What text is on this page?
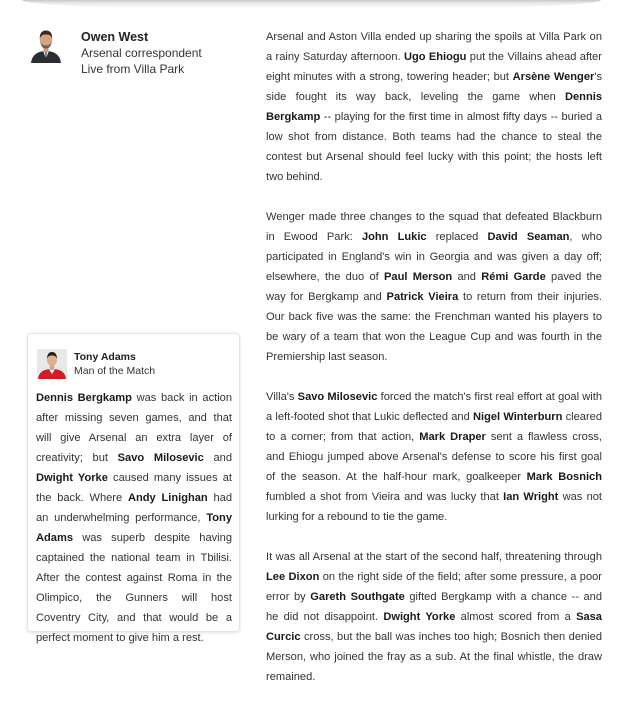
Owen West
Arsenal correspondent
Live from Villa Park
Tony Adams
Man of the Match
Dennis Bergkamp was back in action after missing seven games, and that will give Arsenal an extra layer of creativity; but Savo Milosevic and Dwight Yorke caused many issues at the back. Where Andy Linighan had an underwhelming performance, Tony Adams was superb despite having captained the national team in Tbilisi. After the contest against Roma in the Olimpico, the Gunners will host Coventry City, and that would be a perfect moment to give him a rest.

Arsenal and Aston Villa ended up sharing the spoils at Villa Park on a rainy Saturday afternoon. Ugo Ehiogu put the Villains ahead after eight minutes with a strong, towering header; but Arsène Wenger's side fought its way back, leveling the game when Dennis Bergkamp -- playing for the first time in almost fifty days -- buried a low shot from distance. Both teams had the chance to steal the contest but Arsenal should feel lucky with this point; the hosts left two behind.

Wenger made three changes to the squad that defeated Blackburn in Ewood Park: John Lukic replaced David Seaman, who participated in England's win in Georgia and was given a day off; elsewhere, the duo of Paul Merson and Rémi Garde paved the way for Bergkamp and Patrick Vieira to return from their injuries. Our back five was the same: the Frenchman wanted his players to be wary of a team that won the League Cup and was fourth in the Premiership last season.

Villa's Savo Milosevic forced the match's first real effort at goal with a left-footed shot that Lukic deflected and Nigel Winterburn cleared to a corner; from that action, Mark Draper sent a flawless cross, and Ehiogu jumped above Arsenal's defense to score his first goal of the season. At the half-hour mark, goalkeeper Mark Bosnich fumbled a shot from Vieira and was lucky that Ian Wright was not lurking for a rebound to tie the game.

It was all Arsenal at the start of the second half, threatening through Lee Dixon on the right side of the field; after some pressure, a poor error by Gareth Southgate gifted Bergkamp with a chance -- and he did not disappoint. Dwight Yorke almost scored from a Sasa Curcic cross, but the ball was inches too high; Bosnich then denied Merson, who joined the fray as a sub. At the final whistle, the draw remained.
